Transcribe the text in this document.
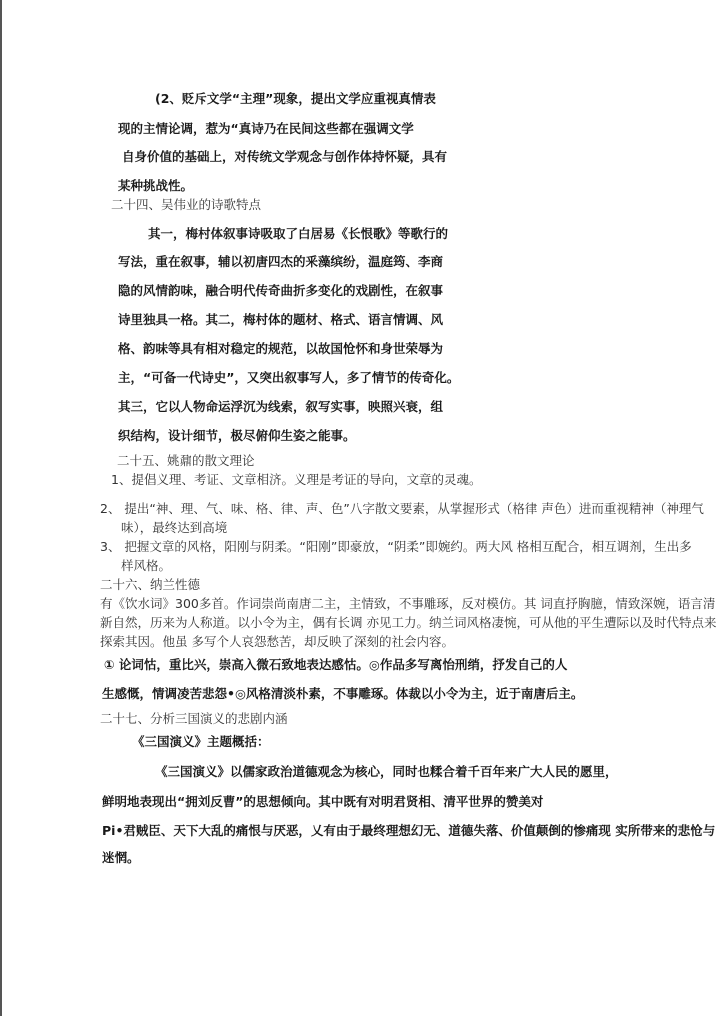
(2、贬斥文学“主理”现象，提出文学应重视真情表
现的主情论调，惹为“真诗乃在民间这些都在强调文学
自身价值的基础上，对传统文学观念与创作体持怀疑，具有
某种挑战性。
二十四、吴伟业的诗歌特点
其一，梅村体叙事诗吸取了白居易《长恨歌》等歌行的
写法，重在叙事，辅以初唐四杰的釆藻缤纷，温庭筠、李商
隐的风情韵味，融合明代传奇曲折多变化的戏剧性，在叙事
诗里独具一格。其二，梅村体的题材、格式、语言情调、风
格、韵味等具有相对稳定的规范，以故国怆怀和身世荣辱为
主，“可备一代诗史”，又突出叙事写人，多了情节的传奇化。
其三，它以人物命运浮沉为线索，叙写实事，映照兴衰，组
织结构，设计细节，极尽俯仰生姿之能事。
二十五、姚鼐的散文理论
1、提倡义理、考证、文章相济。义理是考证的导向，文章的灵魂。
2、 提出“神、理、气、味、格、律、声、色”八字散文要素，从掌握形式（格律 声色）进而重视精神（神理气
味），最终达到高境
3、 把握文章的风格，阳刚与阴柔。“阳刚”即豪放，“阴柔”即婉约。两大风 格相互配合，相互调剂，生出多
样风格。
二十六、纳兰性德
有《饮水词》300多首。作词崇尚南唐二主，主情致，不事雕琢，反对模仿。其 词直抒胸臆，情致深婉，语言清
新自然，历来为人称道。以小令为主，偶有长调 亦见工力。纳兰词风格凄惋，可从他的平生遭际以及时代特点来
探索其因。他虽 多写个人哀怨愁苦，却反映了深刻的社会内容。
① 论词怙，重比兴，崇高入微石致地表达感怙。◎作品多写离怡刑绡，抒发自己的人
生感慨，情调凌苦悲怨•◎风格清淡朴素，不事雕琢。体裁以小令为主，近于南唐后主。
二十七、分析三国演义的悲剧内涵
《三国演义》主题概括：
《三国演义》以儒家政治道德观念为核心，同时也糅合着千百年来广大人民的愿里，
鲜明地表现出“拥刘反曹”的思想倾向。其中既有对明君贤相、清平世界的赞美对
Pi•君贼臣、天下大乱的痛恨与厌恶，乂有由于最终理想幻无、道德失落、价值颠倒的惨痛现 实所带来的悲怆与
迷惘。
